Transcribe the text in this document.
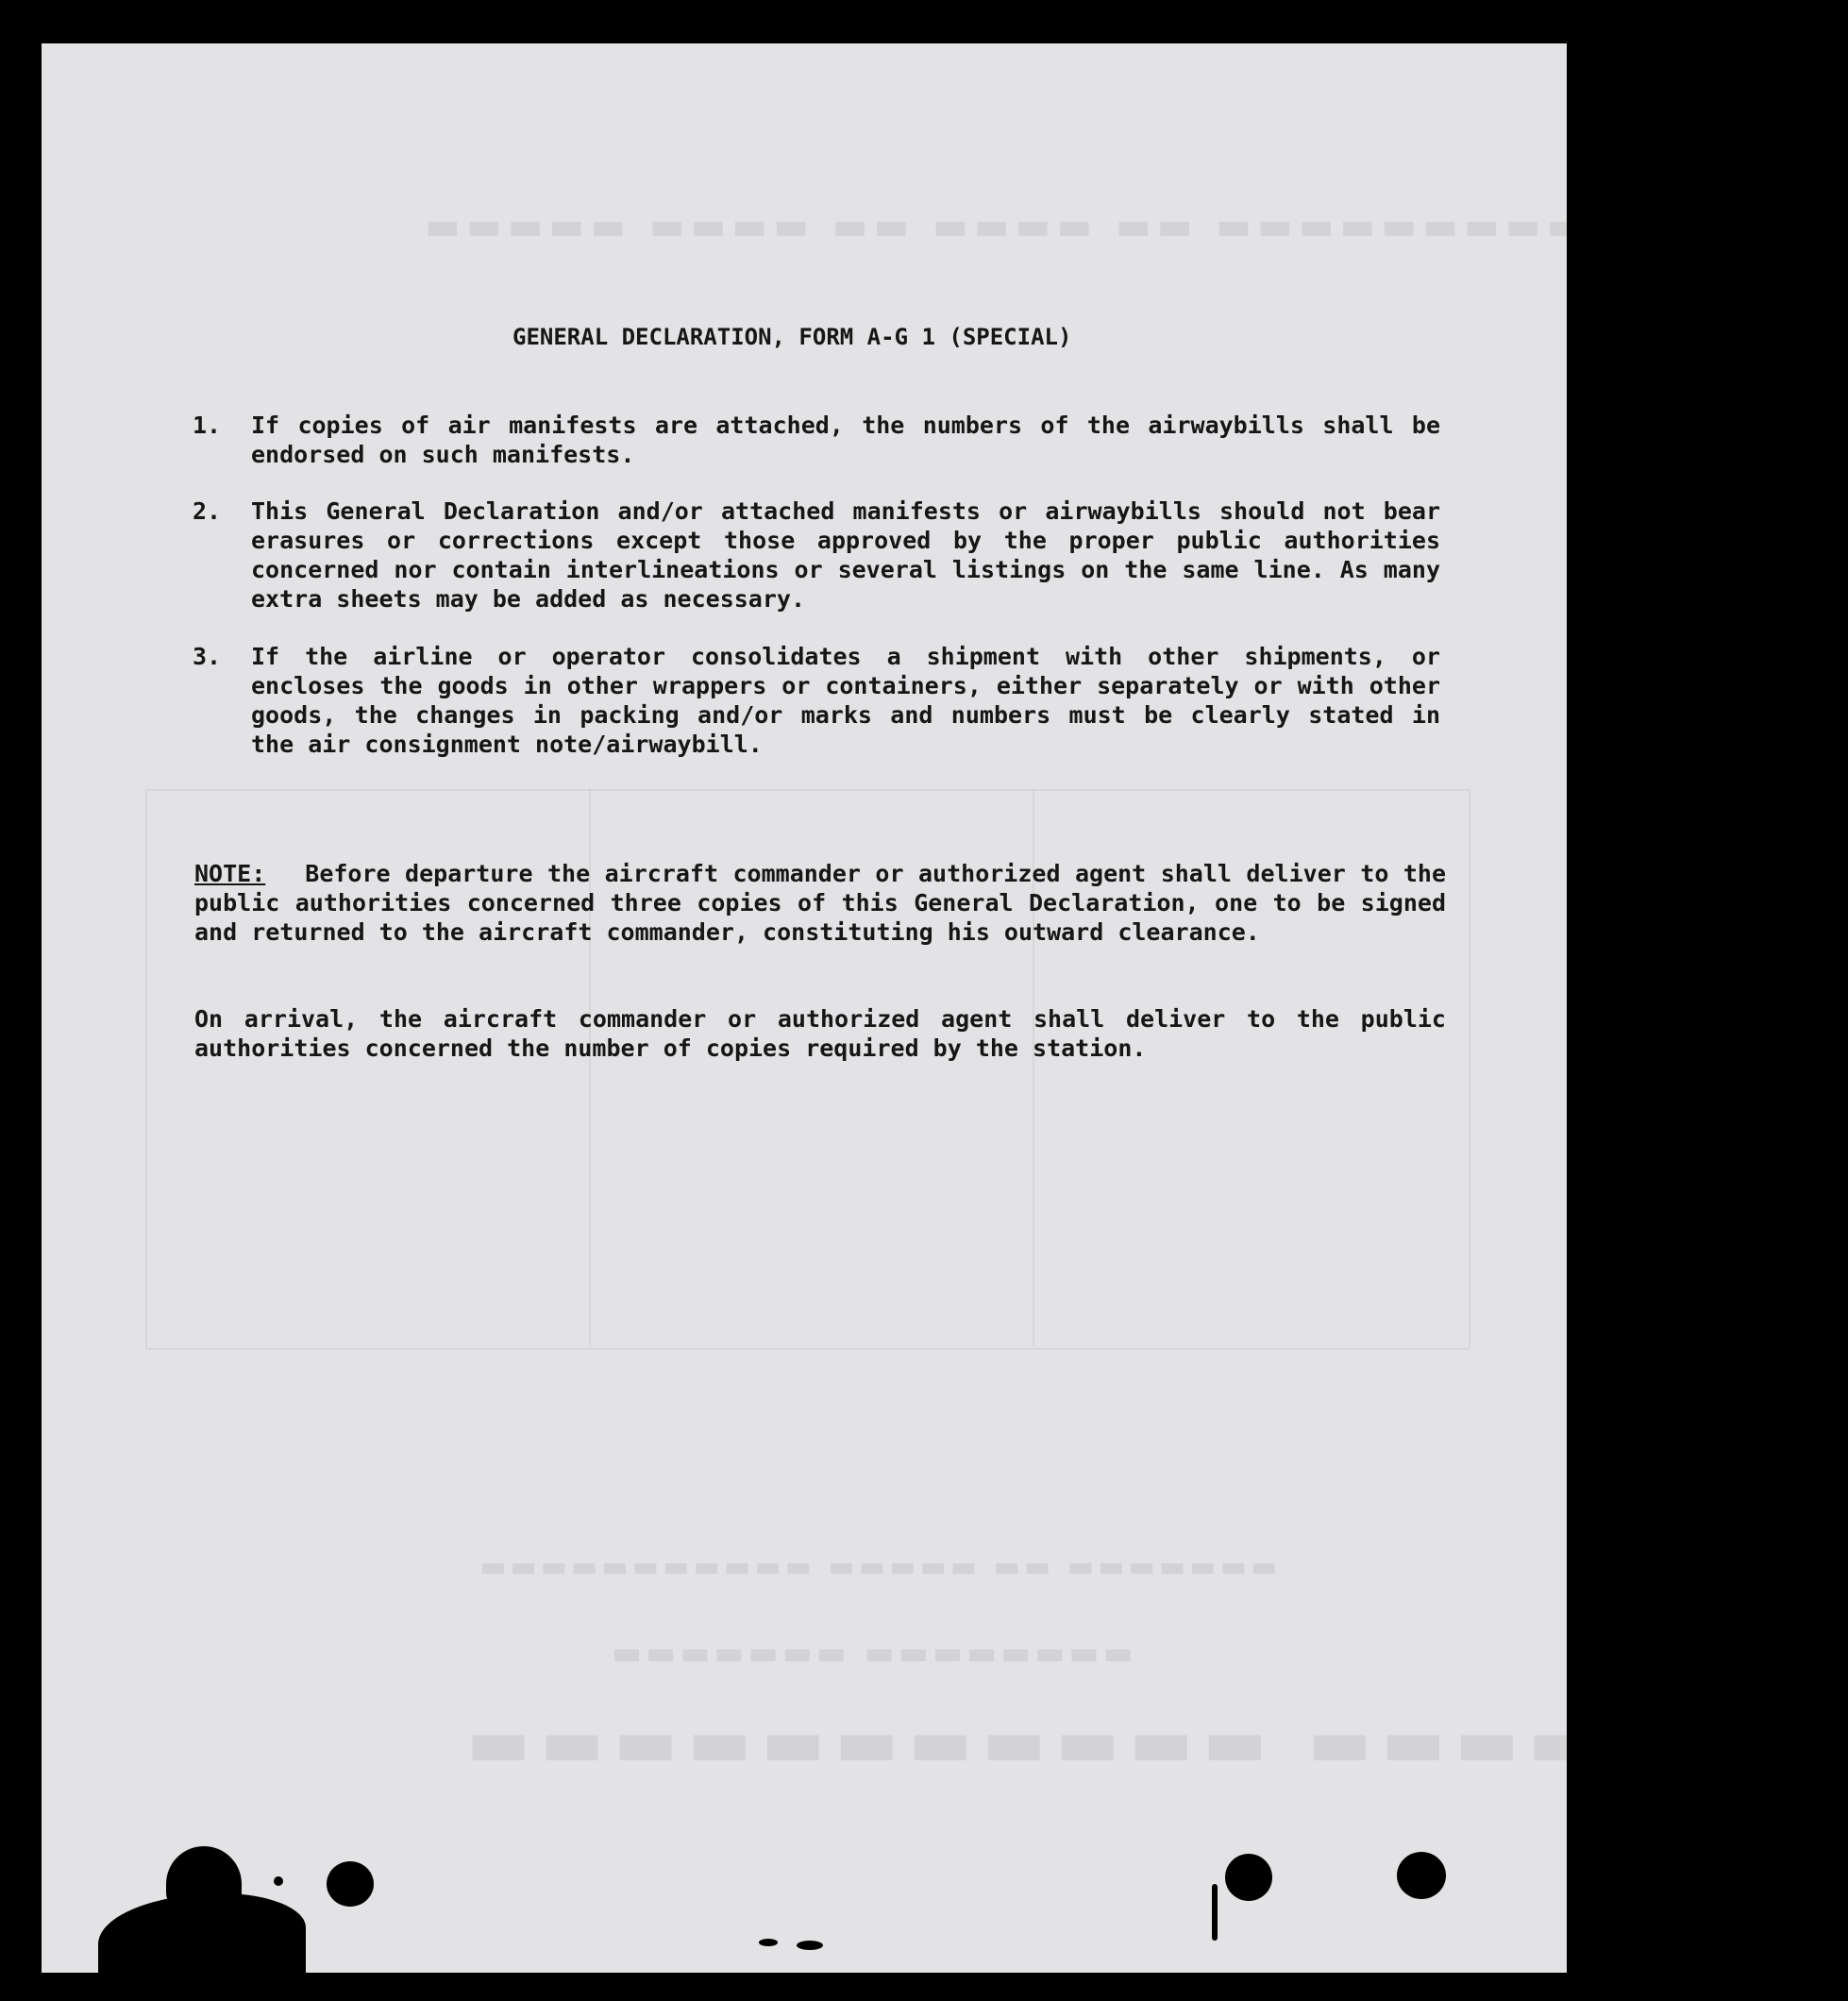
▬▬▬▬ ▬▬▬▬▬▬▬▬▬▬▬ ▬▬ ▬▬▬▬ ▬▬ ▬▬▬▬ ▬▬▬▬▬
▬▬▬▬▬▬▬ ▬▬▬▬▬▬▬▬▬▬▬
▬▬▬▬▬▬▬▬ ▬▬▬▬▬▬▬
▬▬▬▬▬▬▬ ▬▬ ▬▬▬▬▬ ▬▬▬▬▬▬▬▬▬▬▬
GENERAL DECLARATION, FORM A-G 1 (SPECIAL)
1.	If copies of air manifests are attached, the numbers of the airwaybills shall be endorsed on such manifests.
2.	This General Declaration and/or attached manifests or airwaybills should not bear erasures or corrections except those approved by the proper public authorities concerned nor contain interlineations or several listings on the same line. As many extra sheets may be added as necessary.
3.	If the airline or operator consolidates a shipment with other shipments, or encloses the goods in other wrappers or containers, either separately or with other goods, the changes in packing and/or marks and numbers must be clearly stated in the air consignment note/airwaybill.
NOTE: Before departure the aircraft commander or authorized agent shall deliver to the public authorities concerned three copies of this General Declaration, one to be signed and returned to the aircraft commander, constituting his outward clearance.
On arrival, the aircraft commander or authorized agent shall deliver to the public authorities concerned the number of copies required by the station.
